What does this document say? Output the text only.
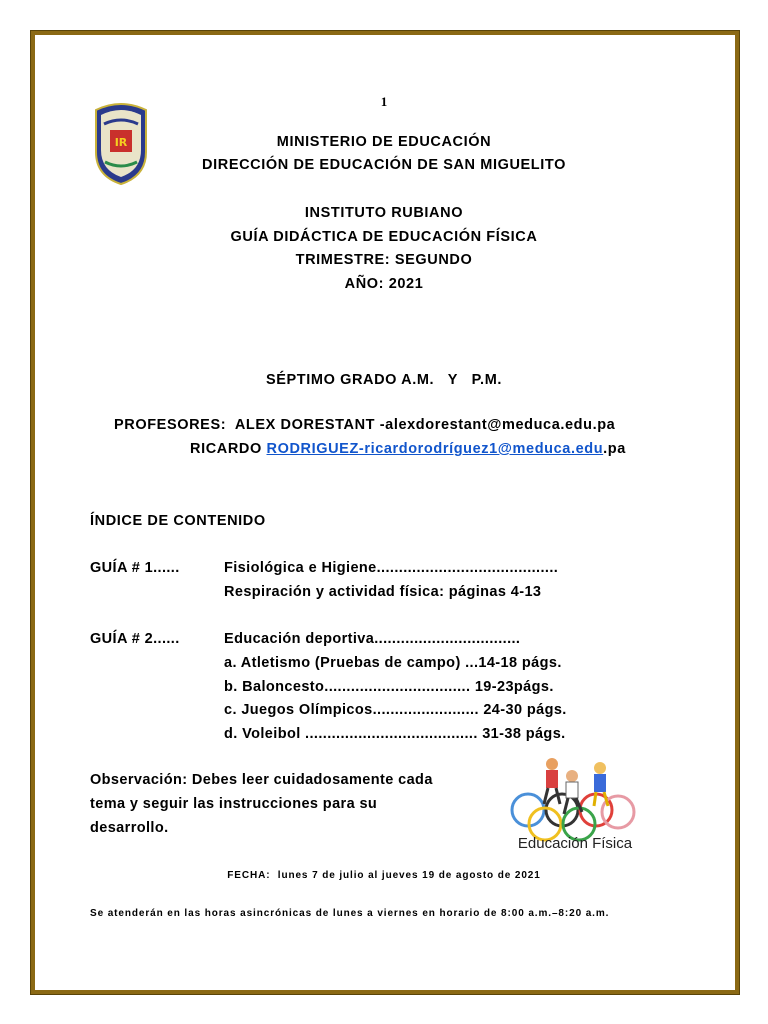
1
IR	MINISTERIO DE EDUCACIÓN
DIRECCIÓN DE EDUCACIÓN DE SAN MIGUELITO
INSTITUTO RUBIANO
GUÍA DIDÁCTICA DE EDUCACIÓN FÍSICA
TRIMESTRE: SEGUNDO
AÑO: 2021
SÉPTIMO GRADO A.M.   Y   P.M.
PROFESORES:  ALEX DORESTANT -alexdorestant@meduca.edu.pa
RICARDO RODRIGUEZ-ricardorodríguez1@meduca.edu.pa
ÍNDICE DE CONTENIDO
GUÍA # 1......	Fisiológica e Higiene.........................................
Respiración y actividad física: páginas 4-13
GUÍA # 2......	Educación deportiva.................................
a. Atletismo (Pruebas de campo) ...14-18 págs.
b. Baloncesto................................. 19-23págs.
c. Juegos Olímpicos........................ 24-30 págs.
d. Voleibol ....................................... 31-38 págs.
Observación: Debes leer cuidadosamente cada
tema y seguir las instrucciones para su
desarrollo.
Educación Física
FECHA:  lunes 7 de julio al jueves 19 de agosto de 2021
Se atenderán en las horas asincrónicas de lunes a viernes en horario de 8:00 a.m.–8:20 a.m.
